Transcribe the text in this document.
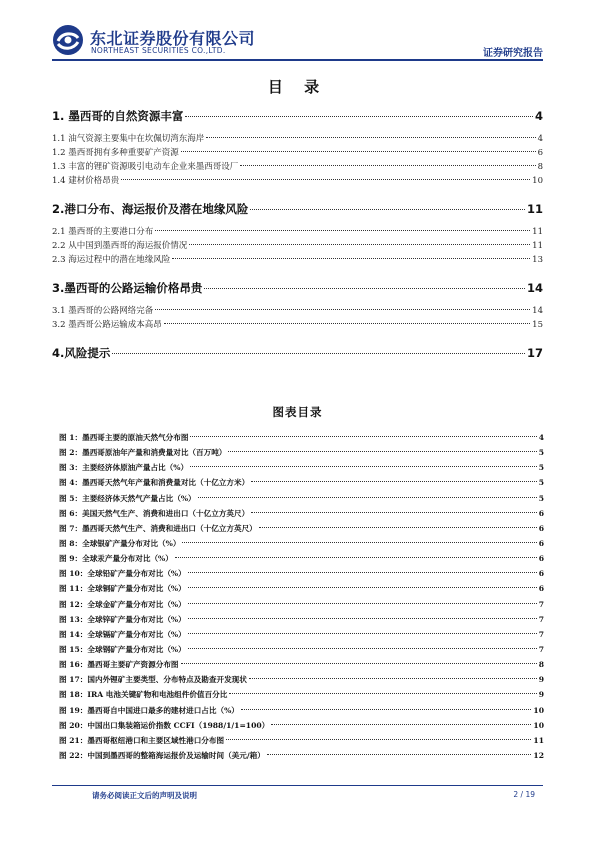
东北证券股份有限公司
NORTHEAST SECURITIES CO.,LTD.	证券研究报告
目 录
1. 墨西哥的自然资源丰富	4
1.1 油气资源主要集中在坎佩切湾东海岸	4
1.2 墨西哥拥有多种重要矿产资源	6
1.3 丰富的锂矿资源吸引电动车企业来墨西哥设厂	8
1.4 建材价格昂贵	10
2.港口分布、海运报价及潜在地缘风险	11
2.1 墨西哥的主要港口分布	11
2.2 从中国到墨西哥的海运报价情况	11
2.3 海运过程中的潜在地缘风险	13
3.墨西哥的公路运输价格昂贵	14
3.1 墨西哥的公路网络完备	14
3.2 墨西哥公路运输成本高昂	15
4.风险提示	17
图表目录
图 1：墨西哥主要的原油天然气分布图	4
图 2：墨西哥原油年产量和消费量对比（百万吨）	5
图 3：主要经济体原油产量占比（%）	5
图 4：墨西哥天然气年产量和消费量对比（十亿立方米）	5
图 5：主要经济体天然气产量占比（%）	5
图 6：美国天然气生产、消费和进出口（十亿立方英尺）	6
图 7：墨西哥天然气生产、消费和进出口（十亿立方英尺）	6
图 8：全球银矿产量分布对比（%）	6
图 9：全球汞产量分布对比（%）	6
图 10：全球铅矿产量分布对比（%）	6
图 11：全球铜矿产量分布对比（%）	6
图 12：全球金矿产量分布对比（%）	7
图 13：全球锌矿产量分布对比（%）	7
图 14：全球镉矿产量分布对比（%）	7
图 15：全球钢矿产量分布对比（%）	7
图 16：墨西哥主要矿产资源分布图	8
图 17：国内外锂矿主要类型、分布特点及勘查开发现状	9
图 18：IRA 电池关键矿物和电池组件价值百分比	9
图 19：墨西哥自中国进口最多的建材进口占比（%）	10
图 20：中国出口集装箱运价指数 CCFI（1988/1/1=100）	10
图 21：墨西哥枢纽港口和主要区域性港口分布图	11
图 22：中国到墨西哥的整箱海运报价及运输时间（美元/箱）	12
请务必阅读正文后的声明及说明	2 / 19
